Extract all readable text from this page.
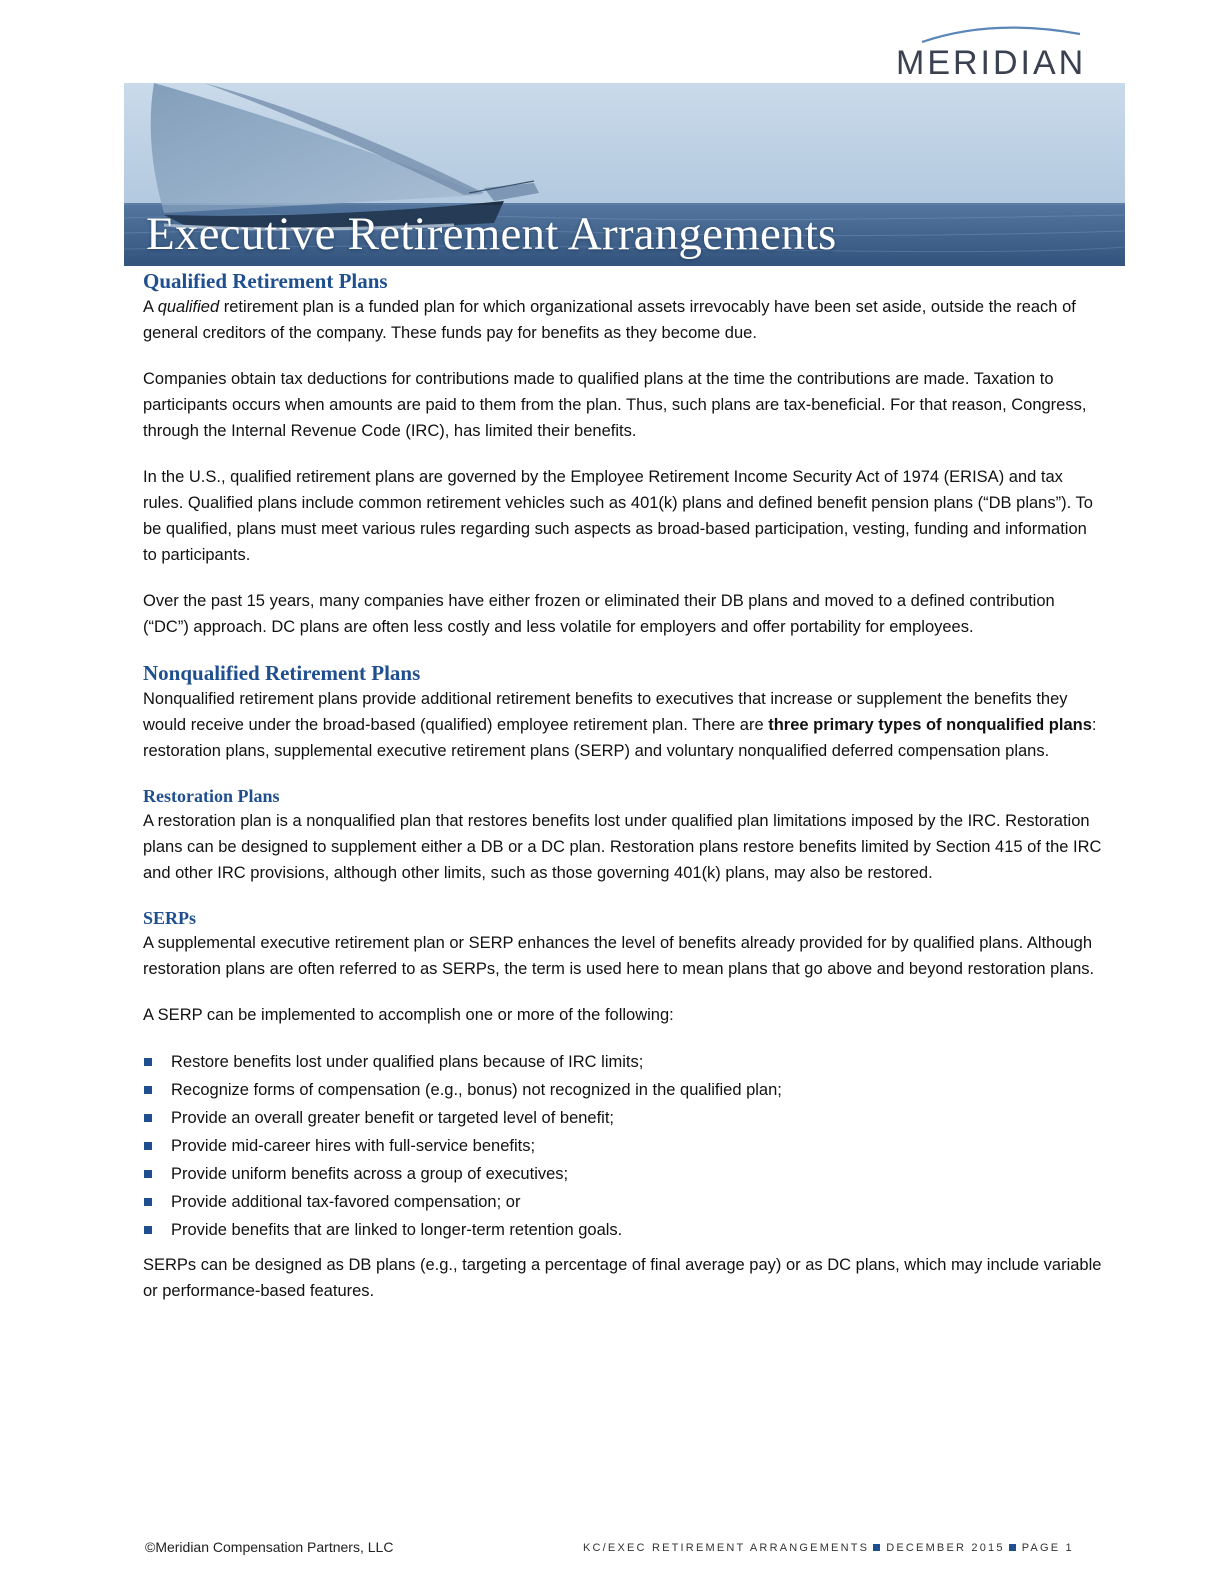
MERIDIAN
Executive Retirement Arrangements
Qualified Retirement Plans

A qualified retirement plan is a funded plan for which organizational assets irrevocably have been set aside, outside the reach of general creditors of the company. These funds pay for benefits as they become due.

Companies obtain tax deductions for contributions made to qualified plans at the time the contributions are made. Taxation to participants occurs when amounts are paid to them from the plan. Thus, such plans are tax-beneficial. For that reason, Congress, through the Internal Revenue Code (IRC), has limited their benefits.

In the U.S., qualified retirement plans are governed by the Employee Retirement Income Security Act of 1974 (ERISA) and tax rules. Qualified plans include common retirement vehicles such as 401(k) plans and defined benefit pension plans (“DB plans”). To be qualified, plans must meet various rules regarding such aspects as broad-based participation, vesting, funding and information to participants.

Over the past 15 years, many companies have either frozen or eliminated their DB plans and moved to a defined contribution (“DC”) approach. DC plans are often less costly and less volatile for employers and offer portability for employees.

Nonqualified Retirement Plans

Nonqualified retirement plans provide additional retirement benefits to executives that increase or supplement the benefits they would receive under the broad-based (qualified) employee retirement plan. There are three primary types of nonqualified plans: restoration plans, supplemental executive retirement plans (SERP) and voluntary nonqualified deferred compensation plans.

Restoration Plans

A restoration plan is a nonqualified plan that restores benefits lost under qualified plan limitations imposed by the IRC. Restoration plans can be designed to supplement either a DB or a DC plan. Restoration plans restore benefits limited by Section 415 of the IRC and other IRC provisions, although other limits, such as those governing 401(k) plans, may also be restored.

SERPs

A supplemental executive retirement plan or SERP enhances the level of benefits already provided for by qualified plans. Although restoration plans are often referred to as SERPs, the term is used here to mean plans that go above and beyond restoration plans.

A SERP can be implemented to accomplish one or more of the following:

Restore benefits lost under qualified plans because of IRC limits;
Recognize forms of compensation (e.g., bonus) not recognized in the qualified plan;
Provide an overall greater benefit or targeted level of benefit;
Provide mid-career hires with full-service benefits;
Provide uniform benefits across a group of executives;
Provide additional tax-favored compensation; or
Provide benefits that are linked to longer-term retention goals.

SERPs can be designed as DB plans (e.g., targeting a percentage of final average pay) or as DC plans, which may include variable or performance-based features.

©Meridian Compensation Partners, LLC	KC/EXEC RETIREMENT ARRANGEMENTS DECEMBER 2015 PAGE 1
